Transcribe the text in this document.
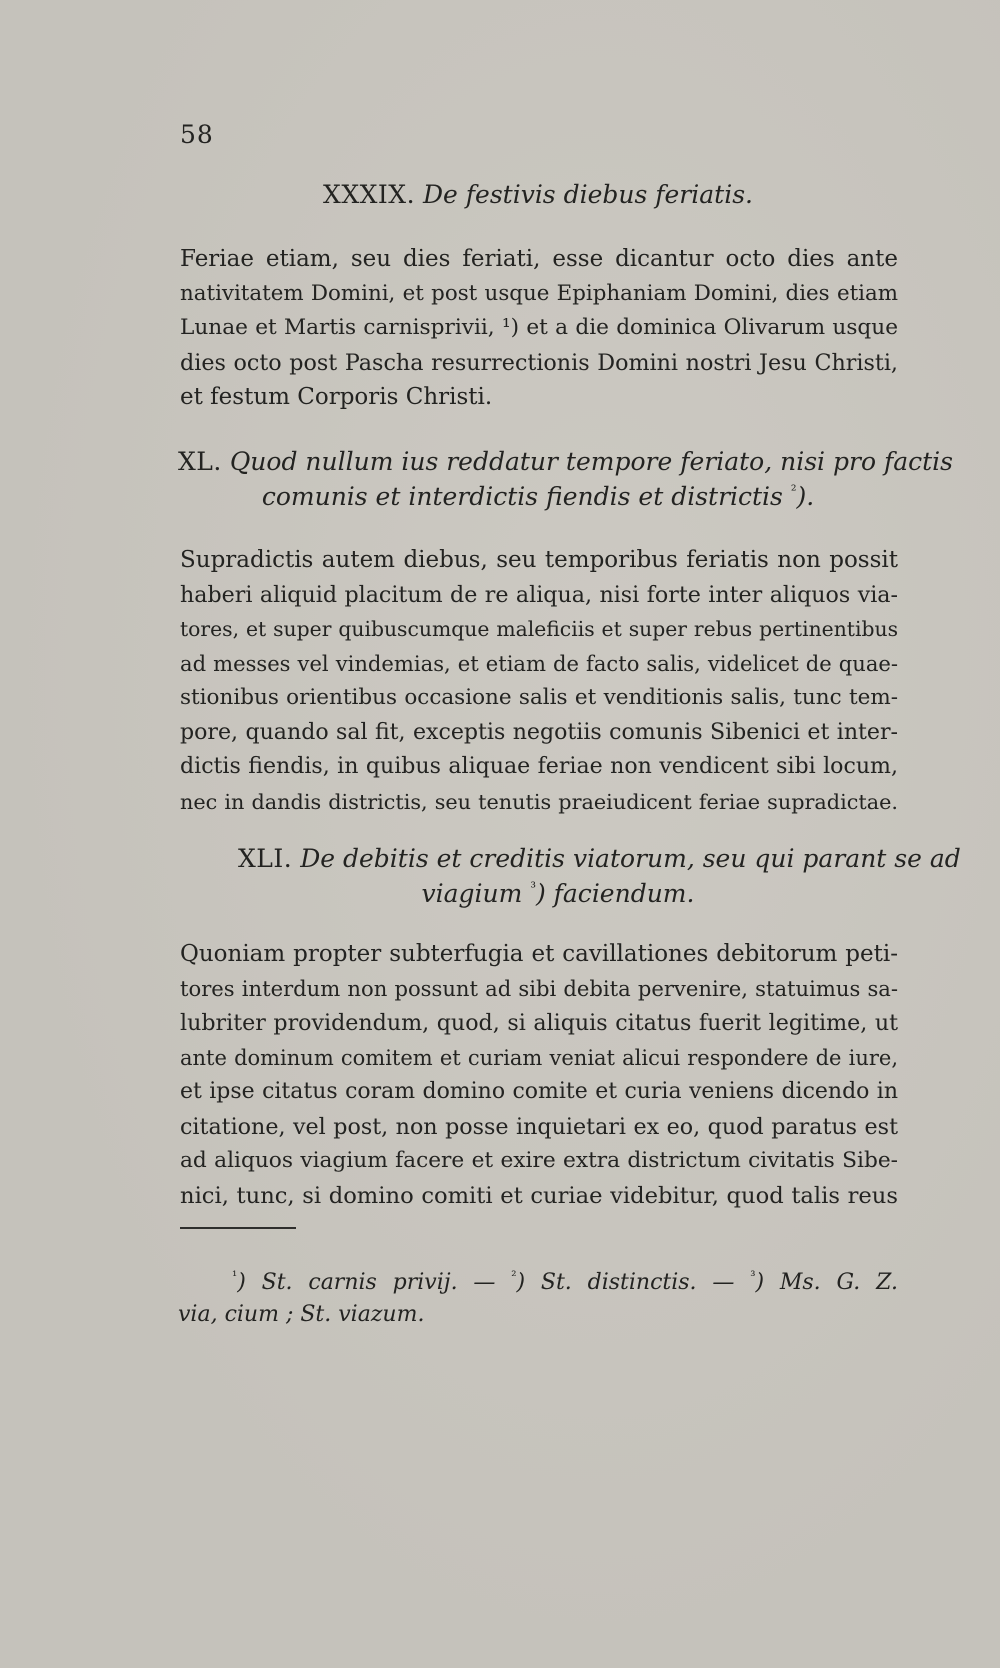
58
XXXIX. De festivis diebus feriatis.
Feriae etiam, seu dies feriati, esse dicantur octo dies ante
nativitatem Domini, et post usque Epiphaniam Domini, dies etiam
Lunae et Martis carnisprivii, ¹) et a die dominica Olivarum usque
dies octo post Pascha resurrectionis Domini nostri Jesu Christi,
et festum Corporis Christi.
XL. Quod nullum ius reddatur tempore feriato, nisi pro factis
comunis et interdictis fiendis et districtis $^{^2}$).
Supradictis autem diebus, seu temporibus feriatis non possit
haberi aliquid placitum de re aliqua, nisi forte inter aliquos via-
tores, et super quibuscumque maleficiis et super rebus pertinentibus
ad messes vel vindemias, et etiam de facto salis, videlicet de quae-
stionibus orientibus occasione salis et venditionis salis, tunc tem-
pore, quando sal fit, exceptis negotiis comunis Sibenici et inter-
dictis fiendis, in quibus aliquae feriae non vendicent sibi locum,
nec in dandis districtis, seu tenutis praeiudicent feriae supradictae.
XLI. De debitis et creditis viatorum, seu qui parant se ad
viagium $^{^3}$) faciendum.
Quoniam propter subterfugia et cavillationes debitorum peti-
tores interdum non possunt ad sibi debita pervenire, statuimus sa-
lubriter providendum, quod, si aliquis citatus fuerit legitime, ut
ante dominum comitem et curiam veniat alicui respondere de iure,
et ipse citatus coram domino comite et curia veniens dicendo in
citatione, vel post, non posse inquietari ex eo, quod paratus est
ad aliquos viagium facere et exire extra districtum civitatis Sibe-
nici, tunc, si domino comiti et curiae videbitur, quod talis reus
$^{^1}$) St. carnis privij. — $^{^2}$) St. distinctis. — $^{^3}$) Ms. G. Z.
via, cium ; St. viazum.
